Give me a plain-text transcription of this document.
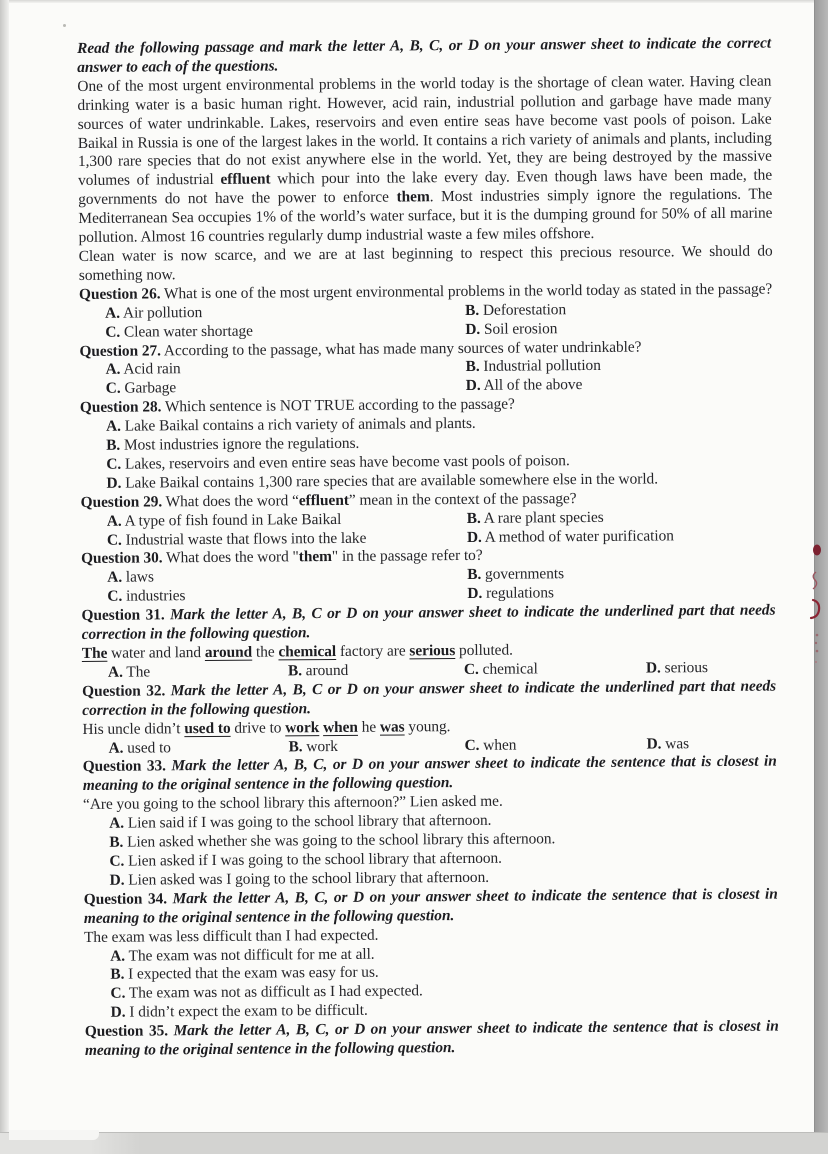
Read the following passage and mark the letter A, B, C, or D on your answer sheet to indicate the correct answer to each of the questions.

One of the most urgent environmental problems in the world today is the shortage of clean water. Having clean drinking water is a basic human right. However, acid rain, industrial pollution and garbage have made many sources of water undrinkable. Lakes, reservoirs and even entire seas have become vast pools of poison. Lake Baikal in Russia is one of the largest lakes in the world. It contains a rich variety of animals and plants, including 1,300 rare species that do not exist anywhere else in the world. Yet, they are being destroyed by the massive volumes of industrial effluent which pour into the lake every day. Even though laws have been made, the governments do not have the power to enforce them. Most industries simply ignore the regulations. The Mediterranean Sea occupies 1% of the world’s water surface, but it is the dumping ground for 50% of all marine pollution. Almost 16 countries regularly dump industrial waste a few miles offshore.

Clean water is now scarce, and we are at last beginning to respect this precious resource. We should do something now.

Question 26. What is one of the most urgent environmental problems in the world today as stated in the passage?

A. Air pollution	B. Deforestation

C. Clean water shortage	D. Soil erosion

Question 27. According to the passage, what has made many sources of water undrinkable?

A. Acid rain	B. Industrial pollution

C. Garbage	D. All of the above

Question 28. Which sentence is NOT TRUE according to the passage?

A. Lake Baikal contains a rich variety of animals and plants.

B. Most industries ignore the regulations.

C. Lakes, reservoirs and even entire seas have become vast pools of poison.

D. Lake Baikal contains 1,300 rare species that are available somewhere else in the world.

Question 29. What does the word “effluent” mean in the context of the passage?

A. A type of fish found in Lake Baikal	B. A rare plant species

C. Industrial waste that flows into the lake	D. A method of water purification

Question 30. What does the word "them" in the passage refer to?

A. laws	B. governments

C. industries	D. regulations

Question 31. Mark the letter A, B, C or D on your answer sheet to indicate the underlined part that needs correction in the following question.

The water and land around the chemical factory are serious polluted.

A. The	B. around	C. chemical	D. serious

Question 32. Mark the letter A, B, C or D on your answer sheet to indicate the underlined part that needs correction in the following question.

His uncle didn’t used to drive to work when he was young.

A. used to	B. work	C. when	D. was

Question 33. Mark the letter A, B, C, or D on your answer sheet to indicate the sentence that is closest in meaning to the original sentence in the following question.

“Are you going to the school library this afternoon?” Lien asked me.

A. Lien said if I was going to the school library that afternoon.

B. Lien asked whether she was going to the school library this afternoon.

C. Lien asked if I was going to the school library that afternoon.

D. Lien asked was I going to the school library that afternoon.

Question 34. Mark the letter A, B, C, or D on your answer sheet to indicate the sentence that is closest in meaning to the original sentence in the following question.

The exam was less difficult than I had expected.

A. The exam was not difficult for me at all.

B. I expected that the exam was easy for us.

C. The exam was not as difficult as I had expected.

D. I didn’t expect the exam to be difficult.

Question 35. Mark the letter A, B, C, or D on your answer sheet to indicate the sentence that is closest in meaning to the original sentence in the following question.
